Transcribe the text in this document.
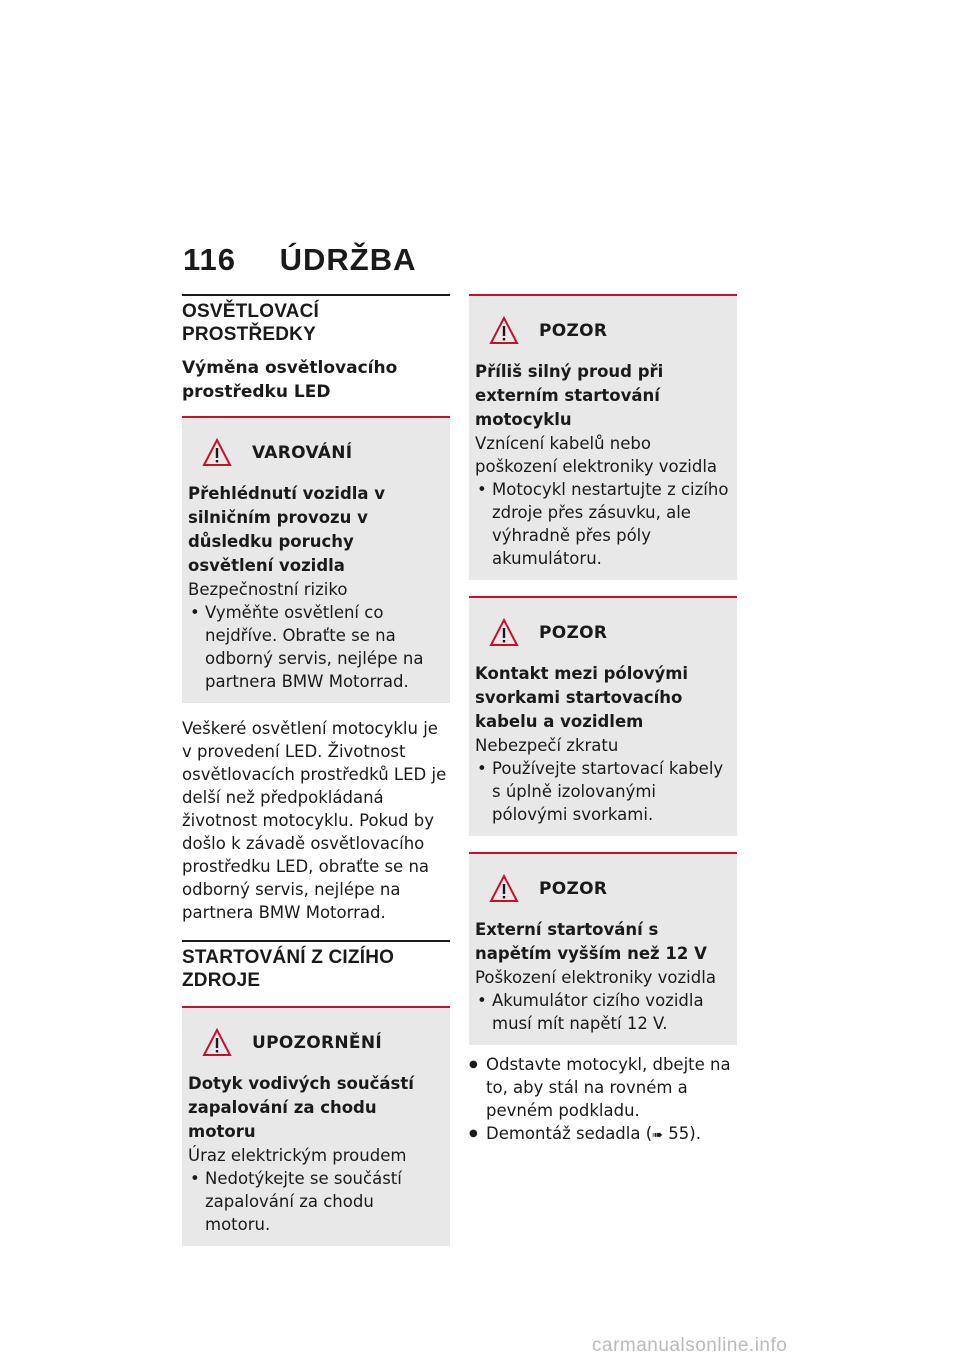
116 ÚDRŽBA
OSVĚTLOVACÍ PROSTŘEDKY
Výměna osvětlovacího prostředku LED
VAROVÁNÍ
Přehlédnutí vozidla v silničním provozu v důsledku poruchy osvětlení vozidla
Bezpečnostní riziko
• Vyměňte osvětlení co nejdříve. Obraťte se na odborný servis, nejlépe na partnera BMW Motorrad.
Veškeré osvětlení motocyklu je v provedení LED. Životnost osvětlovacích prostředků LED je delší než předpokládaná životnost motocyklu. Pokud by došlo k závadě osvětlovacího prostředku LED, obraťte se na odborný servis, nejlépe na partnera BMW Motorrad.
STARTOVÁNÍ Z CIZÍHO ZDROJE
UPOZORNĚNÍ
Dotyk vodivých součástí zapalování za chodu motoru
Úraz elektrickým proudem
• Nedotýkejte se součástí zapalování za chodu motoru.
POZOR
Příliš silný proud při externím startování motocyklu
Vznícení kabelů nebo poškození elektroniky vozidla
• Motocykl nestartujte z cizího zdroje přes zásuvku, ale výhradně přes póly akumulátoru.
POZOR
Kontakt mezi pólovými svorkami startovacího kabelu a vozidlem
Nebezpečí zkratu
• Používejte startovací kabely s úplně izolovanými pólovými svorkami.
POZOR
Externí startování s napětím vyšším než 12 V
Poškození elektroniky vozidla
• Akumulátor cizího vozidla musí mít napětí 12 V.
● Odstavte motocykl, dbejte na to, aby stál na rovném a pevném podkladu.
● Demontáž sedadla (➠ 55).
carmanualsonline.info
